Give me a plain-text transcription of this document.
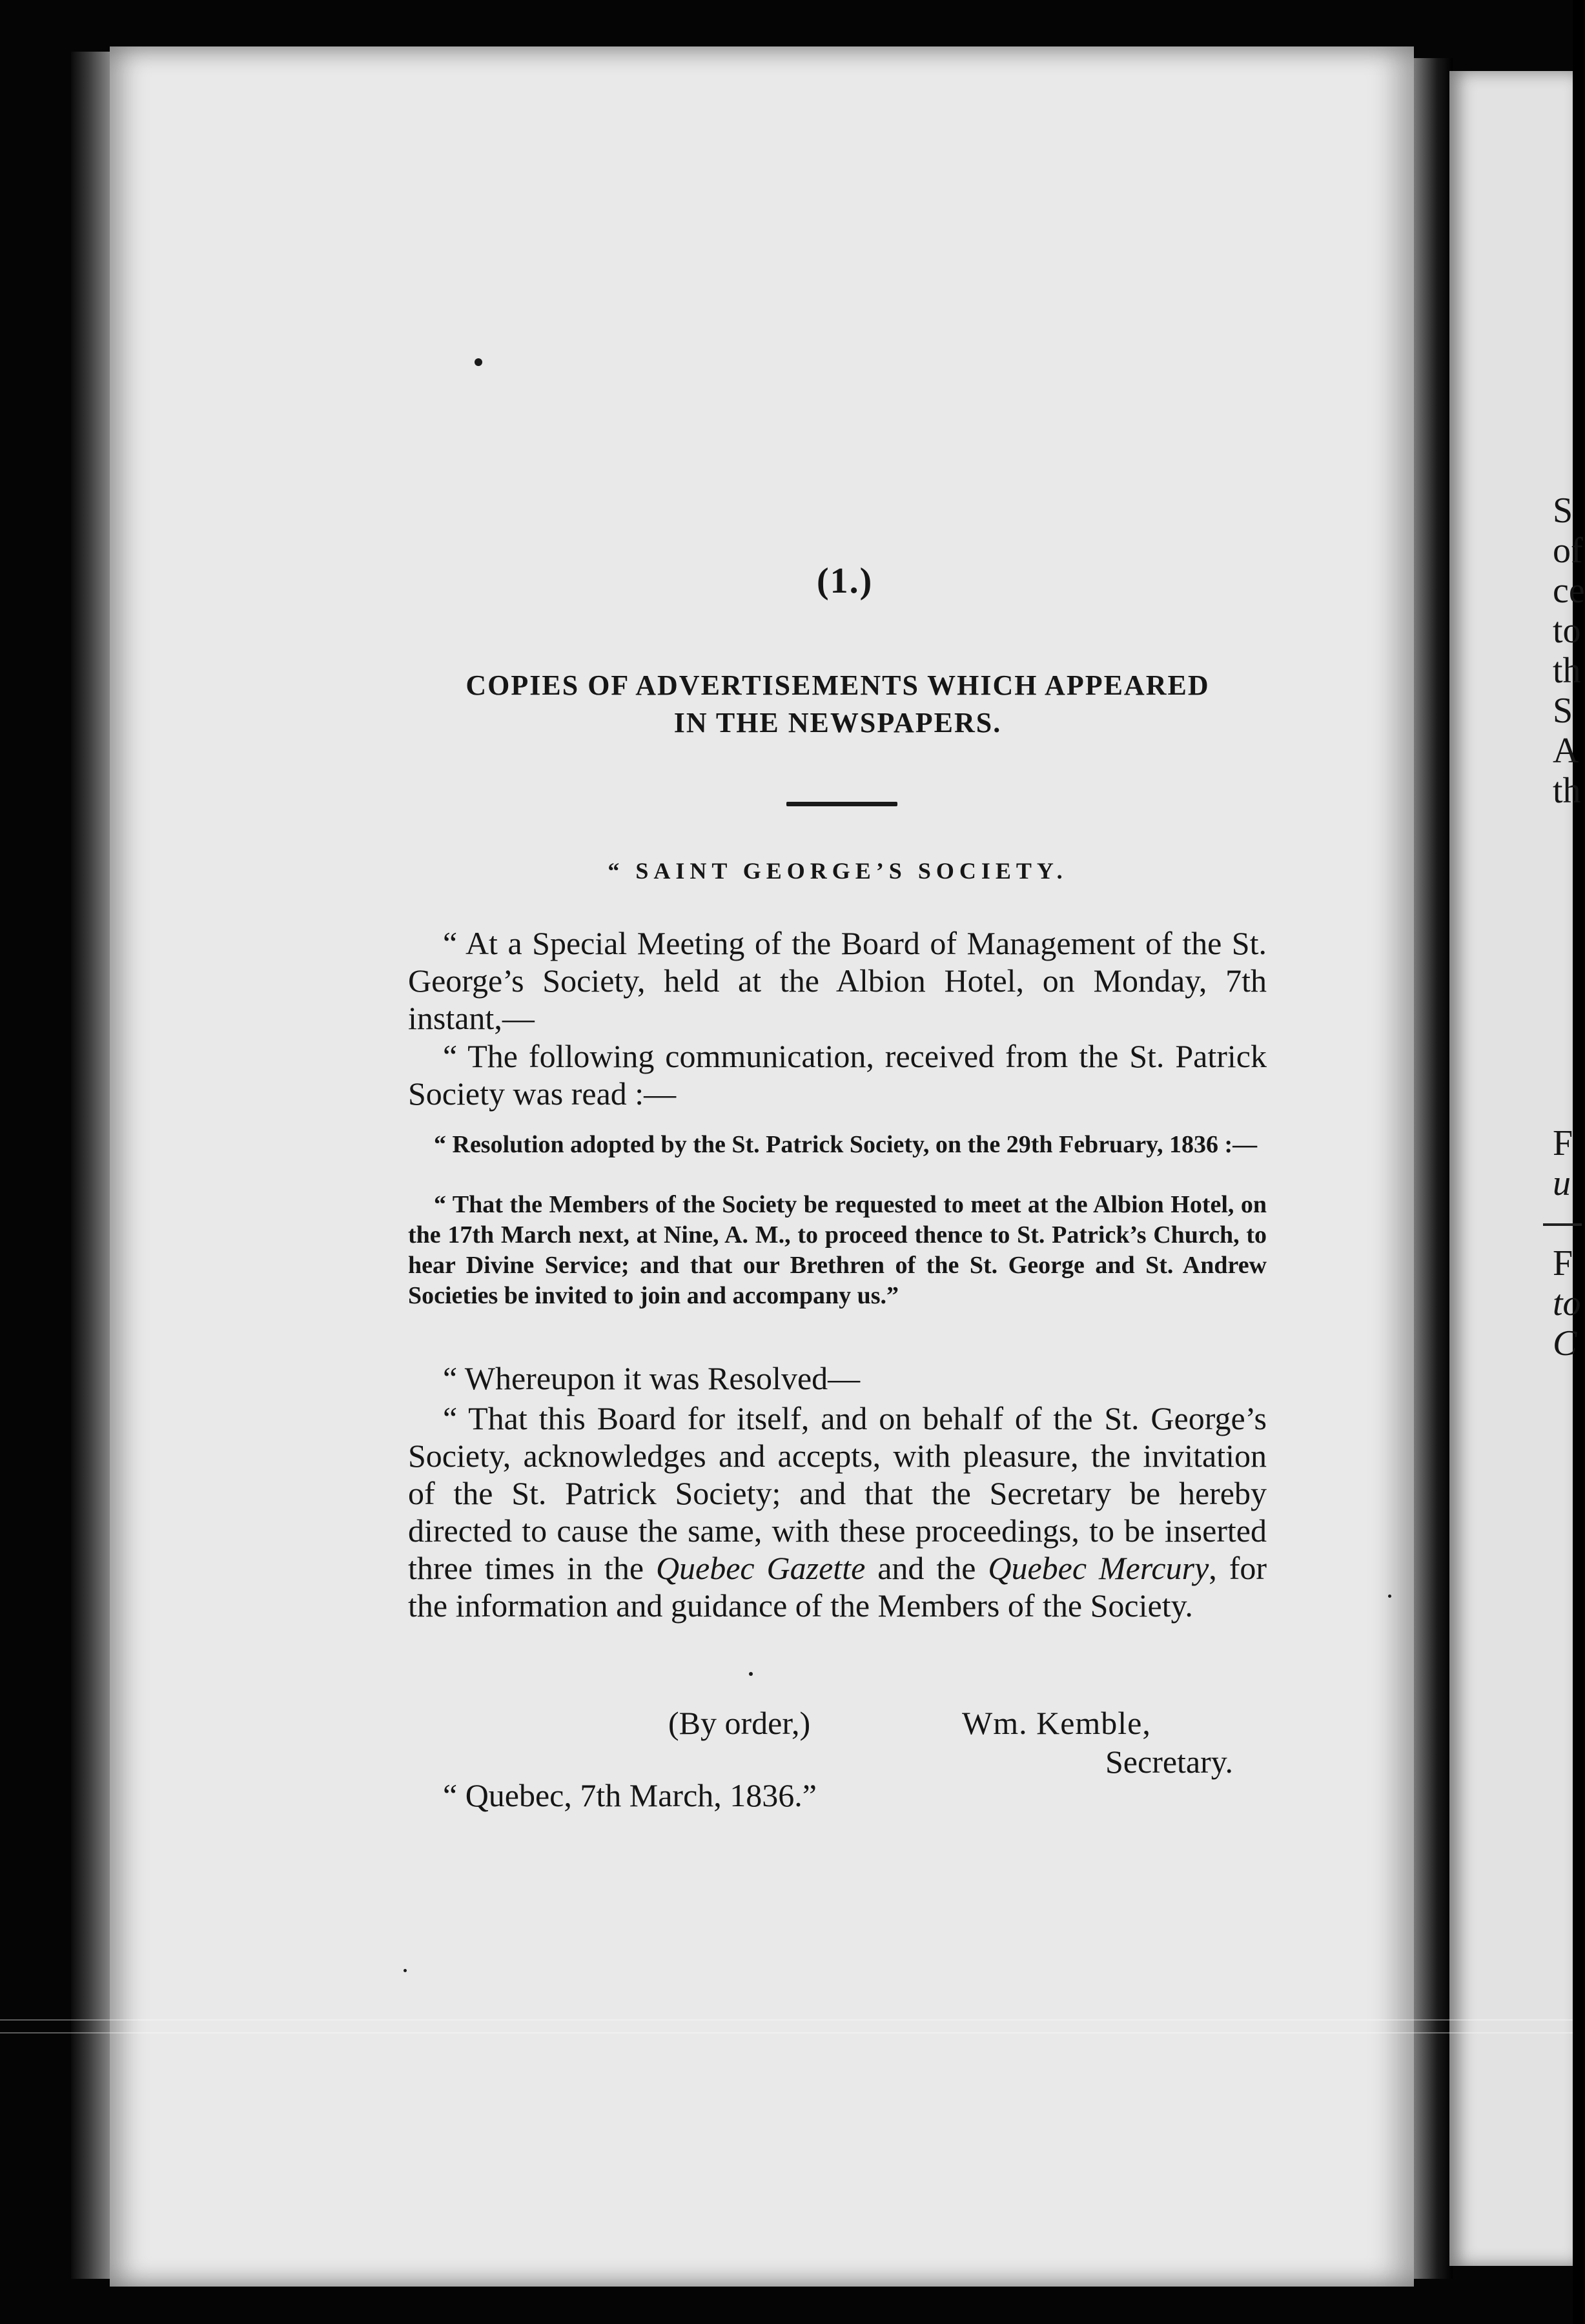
S
of
ce
to
th
S
A
th
F
u
F
to
C
(1.)
COPIES OF ADVERTISEMENTS WHICH APPEARED
IN THE NEWSPAPERS.
“ SAINT GEORGE’S SOCIETY.
“ At a Special Meeting of the Board of Management of the St. George’s Society, held at the Albion Hotel, on Monday, 7th instant,—
“ The following communication, received from the St. Patrick Society was read :—
“ Resolution adopted by the St. Patrick Society, on the 29th February, 1836 :—
“ That the Members of the Society be requested to meet at the Albion Hotel, on the 17th March next, at Nine, A. M., to proceed thence to St. Patrick’s Church, to hear Divine Service; and that our Brethren of the St. George and St. Andrew Societies be invited to join and accompany us.”
“ Whereupon it was Resolved—
“ That this Board for itself, and on behalf of the St. George’s Society, acknowledges and accepts, with pleasure, the invitation of the St. Patrick Society; and that the Secretary be hereby directed to cause the same, with these proceedings, to be inserted three times in the Quebec Gazette and the Quebec Mercury, for the information and guidance of the Members of the Society.
(By order,)	Wm. Kemble,
Secretary.
“ Quebec, 7th March, 1836.”
